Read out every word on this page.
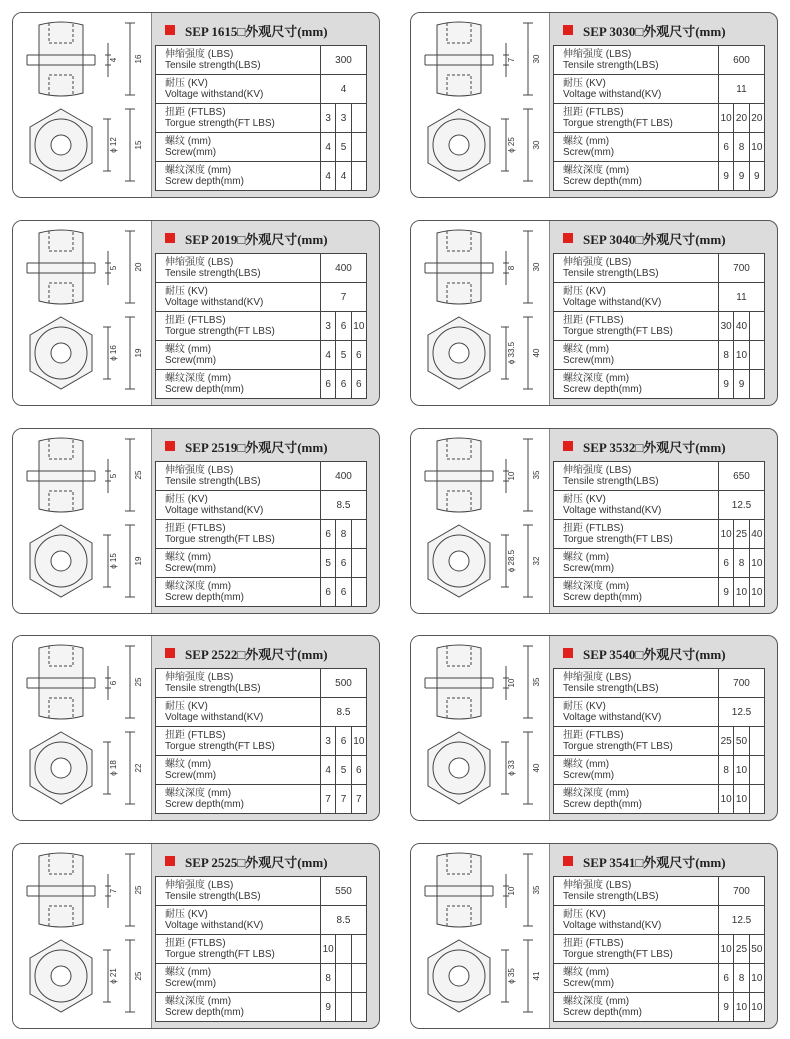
4 16
ϕ 12 15
SEP 1615□外观尺寸(mm)
伸缩强度 (LBS)
Tensile strength(LBS)	300		

耐压 (KV)
Voltage withstand(KV)	4		

扭距 (FTLBS)
Torgue strength(FT LBS)	3	3	

螺纹 (mm)
Screw(mm)	4	5	

螺纹深度 (mm)
Screw depth(mm)	4	4	
7 30
ϕ 25 30
SEP 3030□外观尺寸(mm)
伸缩强度 (LBS)
Tensile strength(LBS)	600		

耐压 (KV)
Voltage withstand(KV)	11		

扭距 (FTLBS)
Torgue strength(FT LBS)	10	20	20

螺纹 (mm)
Screw(mm)	6	8	10

螺纹深度 (mm)
Screw depth(mm)	9	9	9
5 20
ϕ 16 19
SEP 2019□外观尺寸(mm)
伸缩强度 (LBS)
Tensile strength(LBS)	400		

耐压 (KV)
Voltage withstand(KV)	7		

扭距 (FTLBS)
Torgue strength(FT LBS)	3	6	10

螺纹 (mm)
Screw(mm)	4	5	6

螺纹深度 (mm)
Screw depth(mm)	6	6	6
8 30
ϕ 33.5 40
SEP 3040□外观尺寸(mm)
伸缩强度 (LBS)
Tensile strength(LBS)	700		

耐压 (KV)
Voltage withstand(KV)	11		

扭距 (FTLBS)
Torgue strength(FT LBS)	30	40	

螺纹 (mm)
Screw(mm)	8	10	

螺纹深度 (mm)
Screw depth(mm)	9	9	
5 25
ϕ 15 19
SEP 2519□外观尺寸(mm)
伸缩强度 (LBS)
Tensile strength(LBS)	400		

耐压 (KV)
Voltage withstand(KV)	8.5		

扭距 (FTLBS)
Torgue strength(FT LBS)	6	8	

螺纹 (mm)
Screw(mm)	5	6	

螺纹深度 (mm)
Screw depth(mm)	6	6	
10 35
ϕ 28.5 32
SEP 3532□外观尺寸(mm)
伸缩强度 (LBS)
Tensile strength(LBS)	650		

耐压 (KV)
Voltage withstand(KV)	12.5		

扭距 (FTLBS)
Torgue strength(FT LBS)	10	25	40

螺纹 (mm)
Screw(mm)	6	8	10

螺纹深度 (mm)
Screw depth(mm)	9	10	10
6 25
ϕ 18 22
SEP 2522□外观尺寸(mm)
伸缩强度 (LBS)
Tensile strength(LBS)	500		

耐压 (KV)
Voltage withstand(KV)	8.5		

扭距 (FTLBS)
Torgue strength(FT LBS)	3	6	10

螺纹 (mm)
Screw(mm)	4	5	6

螺纹深度 (mm)
Screw depth(mm)	7	7	7
10 35
ϕ 33 40
SEP 3540□外观尺寸(mm)
伸缩强度 (LBS)
Tensile strength(LBS)	700		

耐压 (KV)
Voltage withstand(KV)	12.5		

扭距 (FTLBS)
Torgue strength(FT LBS)	25	50	

螺纹 (mm)
Screw(mm)	8	10	

螺纹深度 (mm)
Screw depth(mm)	10	10	
7 25
ϕ 21 25
SEP 2525□外观尺寸(mm)
伸缩强度 (LBS)
Tensile strength(LBS)	550		

耐压 (KV)
Voltage withstand(KV)	8.5		

扭距 (FTLBS)
Torgue strength(FT LBS)	10		

螺纹 (mm)
Screw(mm)	8		

螺纹深度 (mm)
Screw depth(mm)	9		
10 35
ϕ 35 41
SEP 3541□外观尺寸(mm)
伸缩强度 (LBS)
Tensile strength(LBS)	700		

耐压 (KV)
Voltage withstand(KV)	12.5		

扭距 (FTLBS)
Torgue strength(FT LBS)	10	25	50

螺纹 (mm)
Screw(mm)	6	8	10

螺纹深度 (mm)
Screw depth(mm)	9	10	10
